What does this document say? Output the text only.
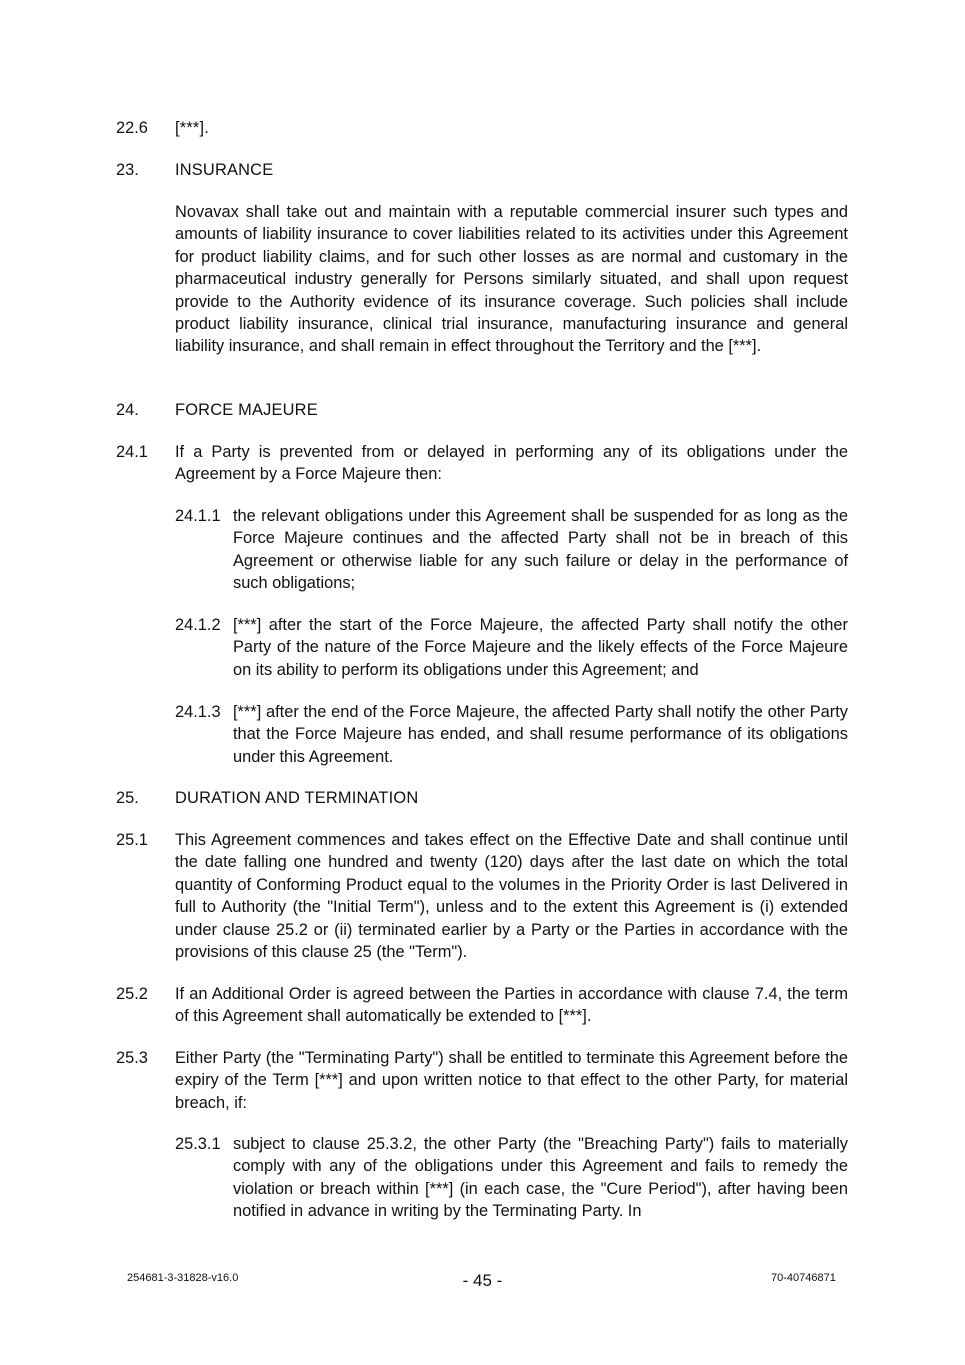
22.6 [***].
23. INSURANCE
Novavax shall take out and maintain with a reputable commercial insurer such types and amounts of liability insurance to cover liabilities related to its activities under this Agreement for product liability claims, and for such other losses as are normal and customary in the pharmaceutical industry generally for Persons similarly situated, and shall upon request provide to the Authority evidence of its insurance coverage. Such policies shall include product liability insurance, clinical trial insurance, manufacturing insurance and general liability insurance, and shall remain in effect throughout the Territory and the [***].
24. FORCE MAJEURE
24.1 If a Party is prevented from or delayed in performing any of its obligations under the Agreement by a Force Majeure then:
24.1.1 the relevant obligations under this Agreement shall be suspended for as long as the Force Majeure continues and the affected Party shall not be in breach of this Agreement or otherwise liable for any such failure or delay in the performance of such obligations;
24.1.2 [***] after the start of the Force Majeure, the affected Party shall notify the other Party of the nature of the Force Majeure and the likely effects of the Force Majeure on its ability to perform its obligations under this Agreement; and
24.1.3 [***] after the end of the Force Majeure, the affected Party shall notify the other Party that the Force Majeure has ended, and shall resume performance of its obligations under this Agreement.
25. DURATION AND TERMINATION
25.1 This Agreement commences and takes effect on the Effective Date and shall continue until the date falling one hundred and twenty (120) days after the last date on which the total quantity of Conforming Product equal to the volumes in the Priority Order is last Delivered in full to Authority (the "Initial Term"), unless and to the extent this Agreement is (i) extended under clause 25.2 or (ii) terminated earlier by a Party or the Parties in accordance with the provisions of this clause 25 (the "Term").
25.2 If an Additional Order is agreed between the Parties in accordance with clause 7.4, the term of this Agreement shall automatically be extended to [***].
25.3 Either Party (the "Terminating Party") shall be entitled to terminate this Agreement before the expiry of the Term [***] and upon written notice to that effect to the other Party, for material breach, if:
25.3.1 subject to clause 25.3.2, the other Party (the "Breaching Party") fails to materially comply with any of the obligations under this Agreement and fails to remedy the violation or breach within [***] (in each case, the "Cure Period"), after having been notified in advance in writing by the Terminating Party. In
254681-3-31828-v16.0	- 45 -	70-40746871
